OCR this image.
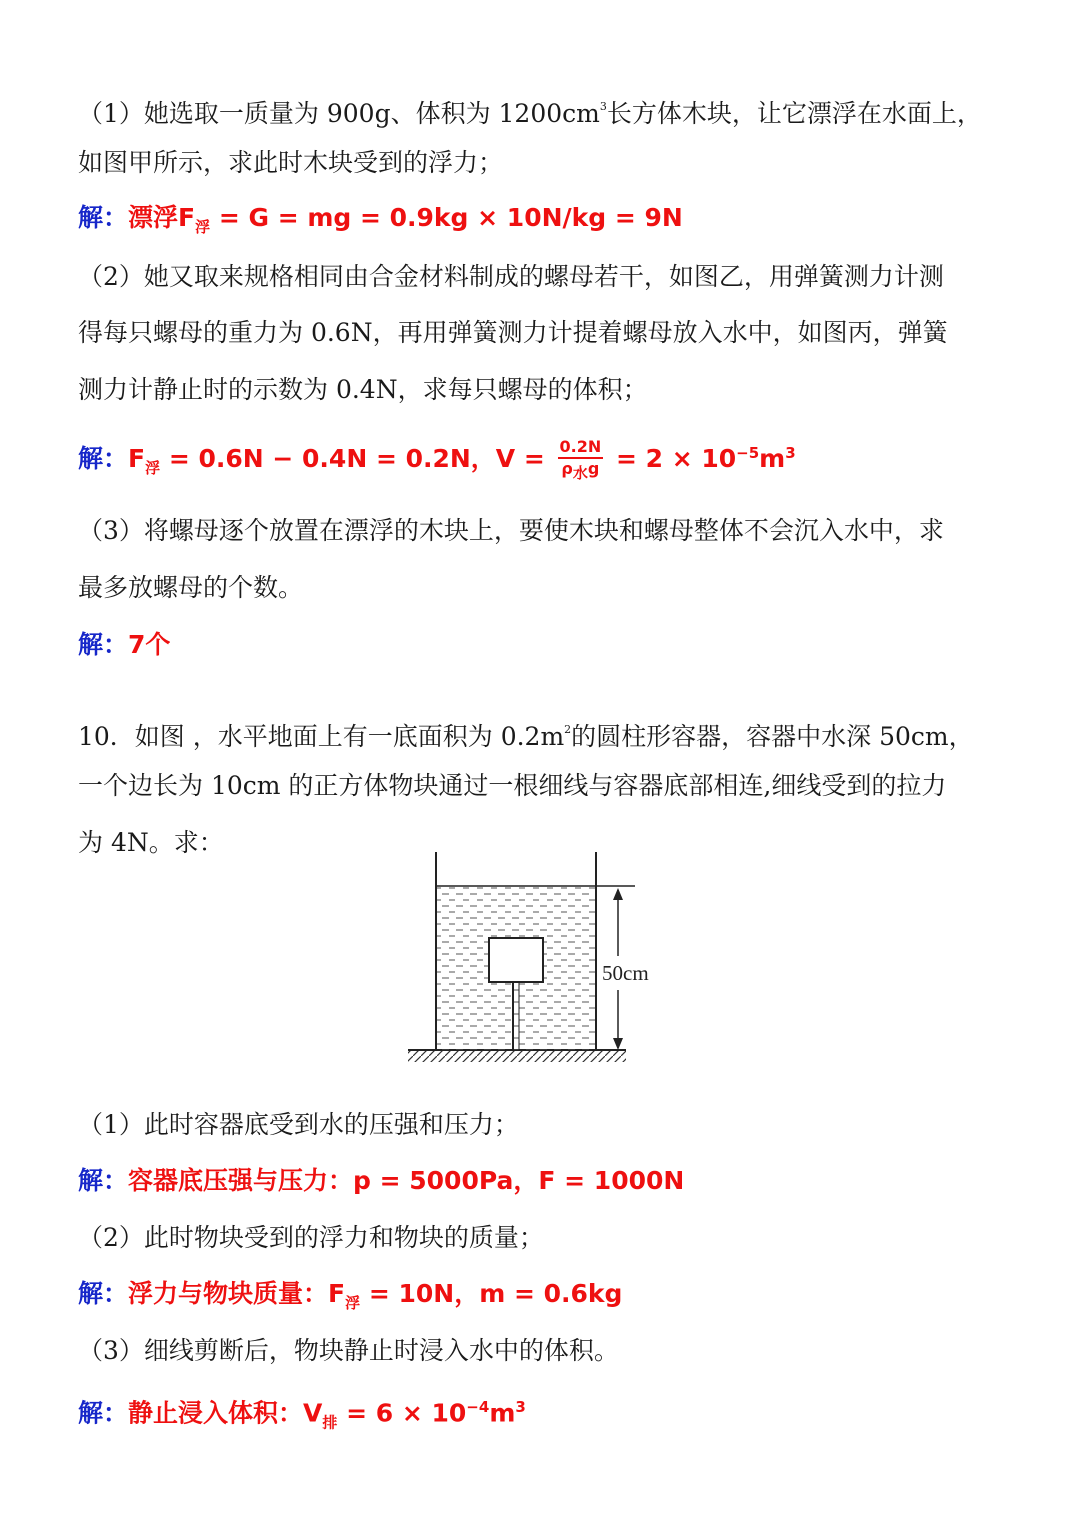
（1）她选取一质量为 900g、体积为 $1200cm^3$长方体木块，让它漂浮在水面上，
如图甲所示，求此时木块受到的浮力；
解：漂浮$F_浮 = G$ = mg = 0.9kg × 10N/kg = 9N
（2）她又取来规格相同由合金材料制成的螺母若干，如图乙，用弹簧测力计测
得每只螺母的重力为 0.6N，再用弹簧测力计提着螺母放入水中，如图丙，弹簧
测力计静止时的示数为 0.4N，求每只螺母的体积；
解：$F_浮 = 0.6N - 0.4N = 0.2N$，$V = \frac{0.2N}{\rho_水g} = 2 \times 10^{-5}m^3$
（3）将螺母逐个放置在漂浮的木块上，要使木块和螺母整体不会沉入水中，求
最多放螺母的个数。
解：7个
10．如图 ，水平地面上有一底面积为 $0.2m^2$的圆柱形容器，容器中水深 50cm，
一个边长为 10cm 的正方体物块通过一根细线与容器底部相连,细线受到的拉力
为 4N。求：
50cm
（1）此时容器底受到水的压强和压力；
解：容器底压强与压力：p = 5000Pa，F = 1000N
（2）此时物块受到的浮力和物块的质量；
解：浮力与物块质量：$F_浮 = 10N$，m = 0.6kg
（3）细线剪断后，物块静止时浸入水中的体积。
解：静止浸入体积：$V_排 = 6 \times 10^{-4}m^3$
